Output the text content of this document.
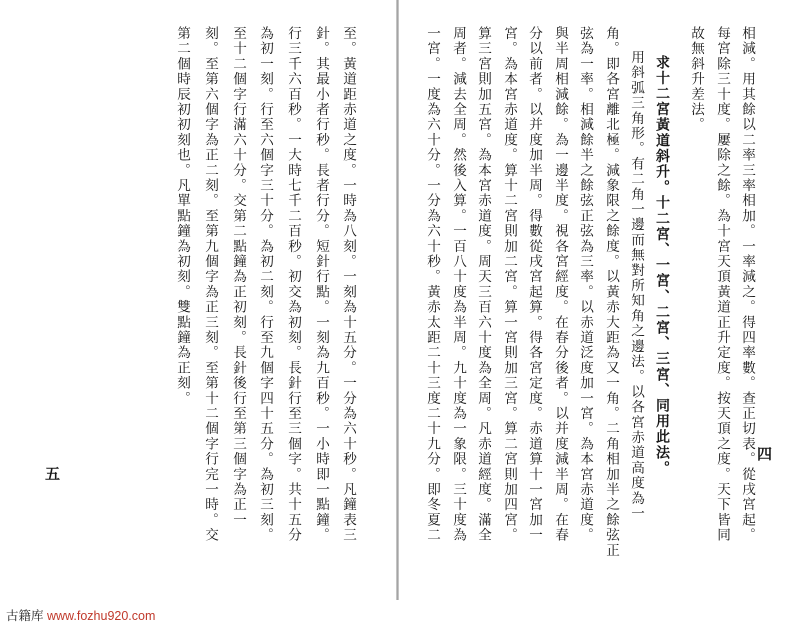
相減。用其餘以二率三率相加。一率減之。得四率數。查正切表。從戌宮起。
每宮除三十度。屢除之餘。為十宮天頂黃道正升定度。按天頂之度。天下皆同
故無斜升差法。
求十二宮黃道斜升。十二宮、一宮、二宮、三宮、同用此法。
用斜弧三角形。有二角一邊而無對所知角之邊法。以各宮赤道高度為一
角。即各宮離北極。減象限之餘度。以黃赤大距為又一角。二角相加半之餘弦正
弦為一率。相減餘半之餘弦正弦為三率。以赤道泛度加一宮。為本宮赤道度。
與半周相減餘。為一邊半度。視各宮經度。在春分後者。以并度減半周。在春
分以前者。以并度加半周。得數從戌宮起算。得各宮定度。赤道算十一宮加一
宮。為本宮赤道度。算十二宮則加二宮。算一宮則加三宮。算二宮則加四宮。
算三宮則加五宮。為本宮赤道度。周天三百六十度為全周。凡赤道經度。滿全
周者。減去全周。然後入算。一百八十度為半周。九十度為一象限。三十度為
一宮。一度為六十分。一分為六十秒。黃赤太距二十三度二十九分。即冬夏二	四
至。黃道距赤道之度。一時為八刻。一刻為十五分。一分為六十秒。凡鐘表三
針。其最小者行秒。長者行分。短針行點。一刻為九百秒。一小時即一點鐘。
行三千六百秒。一大時七千二百秒。初交為初刻。長針行至三個字。共十五分
為初一刻。行至六個字三十分。為初二刻。行至九個字四十五分。為初三刻。
至十二個字行滿六十分。交第二點鐘為正初刻。長針後行至第三個字為正一
刻。至第六個字為正二刻。至第九個字為正三刻。至第十二個字行完一時。交
第二個時辰初初刻也。凡單點鐘為初刻。雙點鐘為正刻。
五
古籍库 www.fozhu920.com
